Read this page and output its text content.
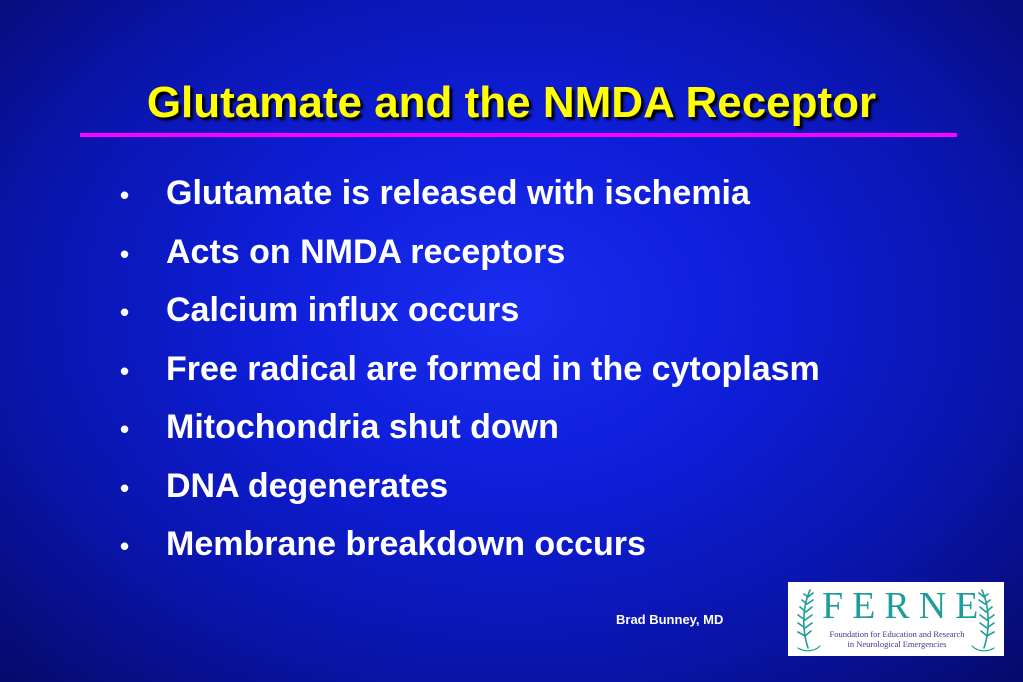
Glutamate and the NMDA Receptor
•	Glutamate is released with ischemia
•	Acts on NMDA receptors
•	Calcium influx occurs
•	Free radical are formed in the cytoplasm
•	Mitochondria shut down
•	DNA degenerates
•	Membrane breakdown occurs
Brad Bunney, MD	FERNE
Foundation for Education and Research
in Neurological Emergencies
